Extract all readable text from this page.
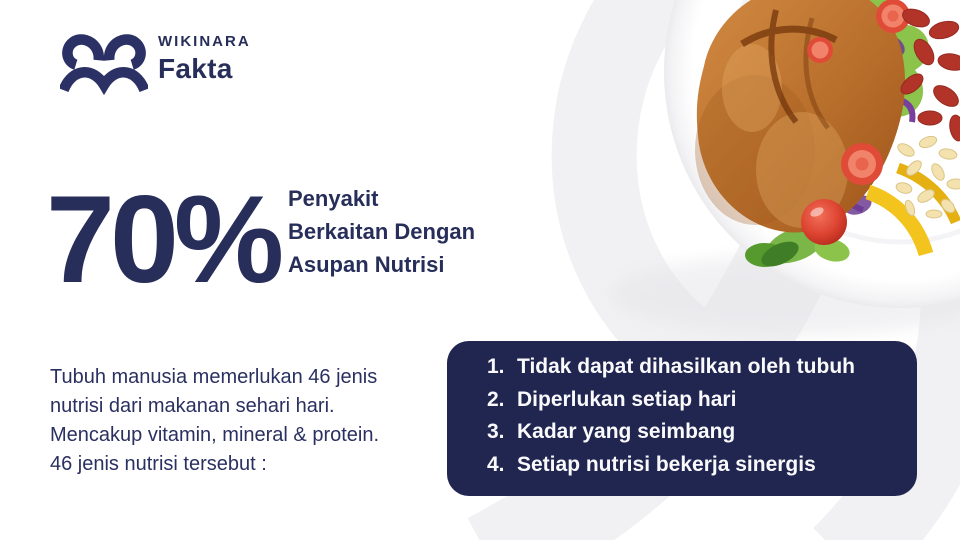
WIKINARA
Fakta
70% Penyakit
Berkaitan Dengan
Asupan Nutrisi
Tubuh manusia memerlukan 46 jenis
nutrisi dari makanan sehari hari.
Mencakup vitamin, mineral & protein.
46 jenis nutrisi tersebut :
1. Tidak dapat dihasilkan oleh tubuh
2. Diperlukan setiap hari
3. Kadar yang seimbang
4. Setiap nutrisi bekerja sinergis
